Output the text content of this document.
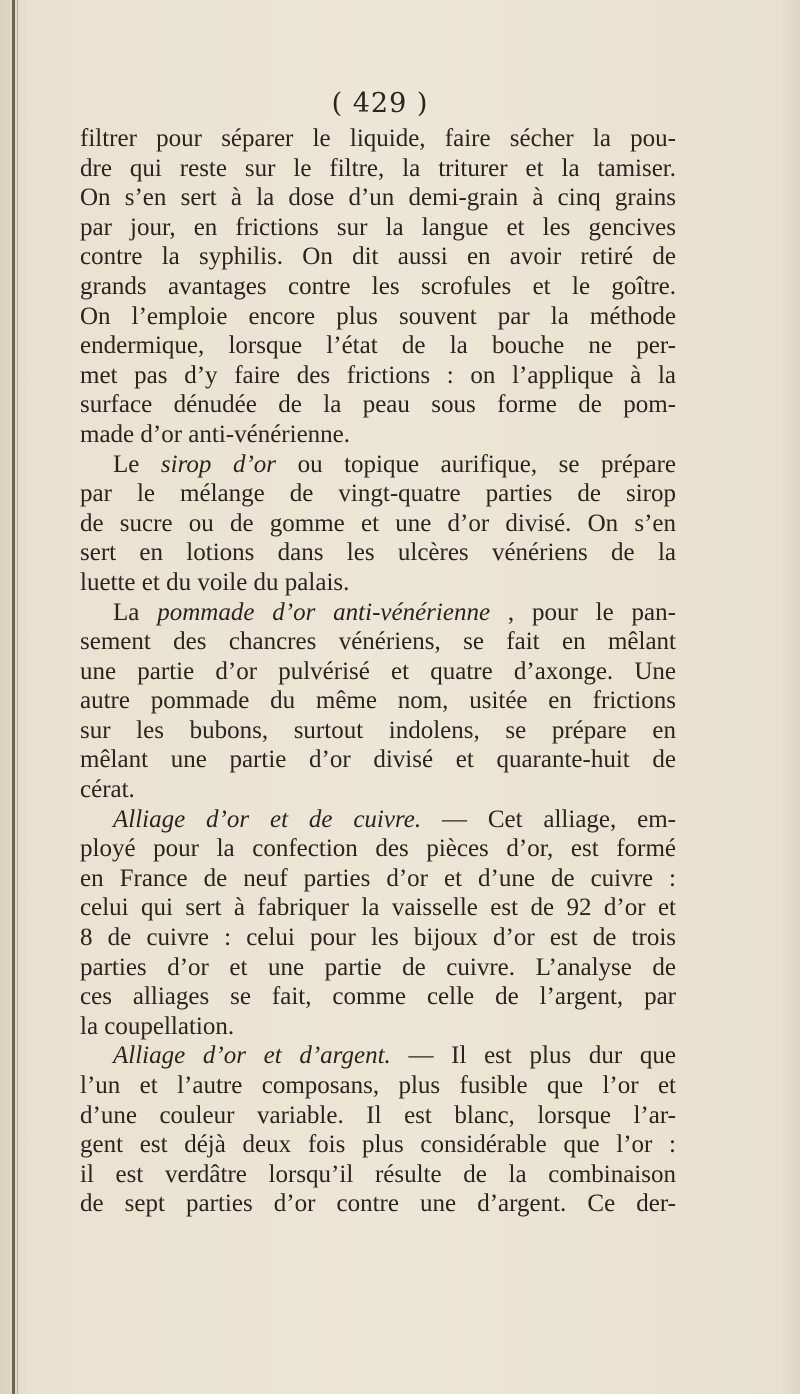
( 429 )
filtrer pour séparer le liquide, faire sécher la pou-
dre qui reste sur le filtre, la triturer et la tamiser.
On s’en sert à la dose d’un demi-grain à cinq grains
par jour, en frictions sur la langue et les gencives
contre la syphilis. On dit aussi en avoir retiré de
grands avantages contre les scrofules et le goître.
On l’emploie encore plus souvent par la méthode
endermique, lorsque l’état de la bouche ne per-
met pas d’y faire des frictions : on l’applique à la
surface dénudée de la peau sous forme de pom-
made d’or anti-vénérienne.
Le sirop d’or ou topique aurifique, se prépare
par le mélange de vingt-quatre parties de sirop
de sucre ou de gomme et une d’or divisé. On s’en
sert en lotions dans les ulcères vénériens de la
luette et du voile du palais.
La pommade d’or anti-vénérienne , pour le pan-
sement des chancres vénériens, se fait en mêlant
une partie d’or pulvérisé et quatre d’axonge. Une
autre pommade du même nom, usitée en frictions
sur les bubons, surtout indolens, se prépare en
mêlant une partie d’or divisé et quarante-huit de
cérat.
Alliage d’or et de cuivre. — Cet alliage, em-
ployé pour la confection des pièces d’or, est formé
en France de neuf parties d’or et d’une de cuivre :
celui qui sert à fabriquer la vaisselle est de 92 d’or et
8 de cuivre : celui pour les bijoux d’or est de trois
parties d’or et une partie de cuivre. L’analyse de
ces alliages se fait, comme celle de l’argent, par
la coupellation.
Alliage d’or et d’argent. — Il est plus dur que
l’un et l’autre composans, plus fusible que l’or et
d’une couleur variable. Il est blanc, lorsque l’ar-
gent est déjà deux fois plus considérable que l’or :
il est verdâtre lorsqu’il résulte de la combinaison
de sept parties d’or contre une d’argent. Ce der-
